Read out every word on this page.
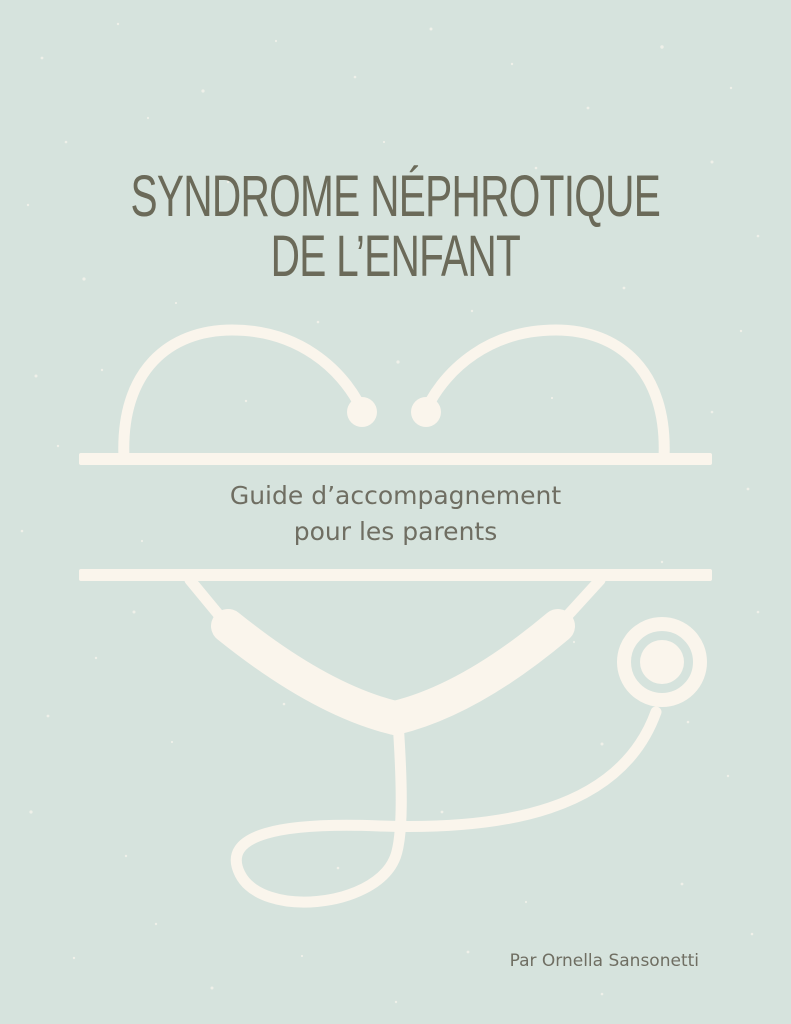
SYNDROME NÉPHROTIQUE
DE L’ENFANT

Guide d’accompagnement

pour les parents

Par Ornella Sansonetti
